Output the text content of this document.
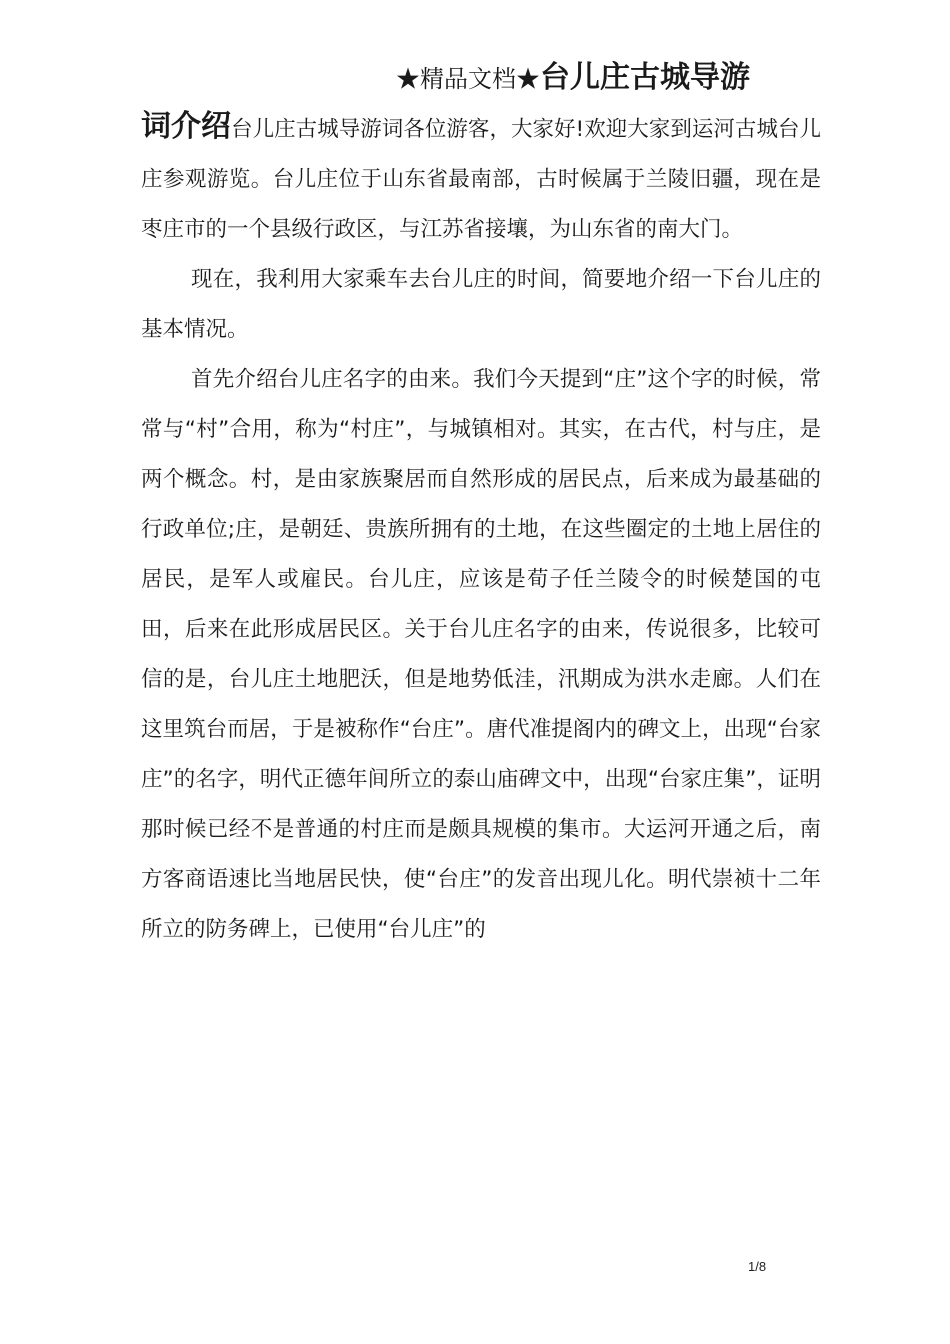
★精品文档★台儿庄古城导游

词介绍台儿庄古城导游词各位游客，大家好!欢迎大家到运河古城台儿庄参观游览。台儿庄位于山东省最南部，古时候属于兰陵旧疆，现在是枣庄市的一个县级行政区，与江苏省接壤，为山东省的南大门。

现在，我利用大家乘车去台儿庄的时间，简要地介绍一下台儿庄的基本情况。

首先介绍台儿庄名字的由来。我们今天提到“庄”这个字的时候，常常与“村”合用，称为“村庄”，与城镇相对。其实，在古代，村与庄，是两个概念。村，是由家族聚居而自然形成的居民点，后来成为最基础的行政单位;庄，是朝廷、贵族所拥有的土地，在这些圈定的土地上居住的居民，是军人或雇民。台儿庄，应该是荀子任兰陵令的时候楚国的屯田，后来在此形成居民区。关于台儿庄名字的由来，传说很多，比较可信的是，台儿庄土地肥沃，但是地势低洼，汛期成为洪水走廊。人们在这里筑台而居，于是被称作“台庄”。唐代准提阁内的碑文上，出现“台家庄”的名字，明代正德年间所立的泰山庙碑文中，出现“台家庄集”，证明那时候已经不是普通的村庄而是颇具规模的集市。大运河开通之后，南方客商语速比当地居民快，使“台庄”的发音出现儿化。明代崇祯十二年所立的防务碑上，已使用“台儿庄”的

1/8
